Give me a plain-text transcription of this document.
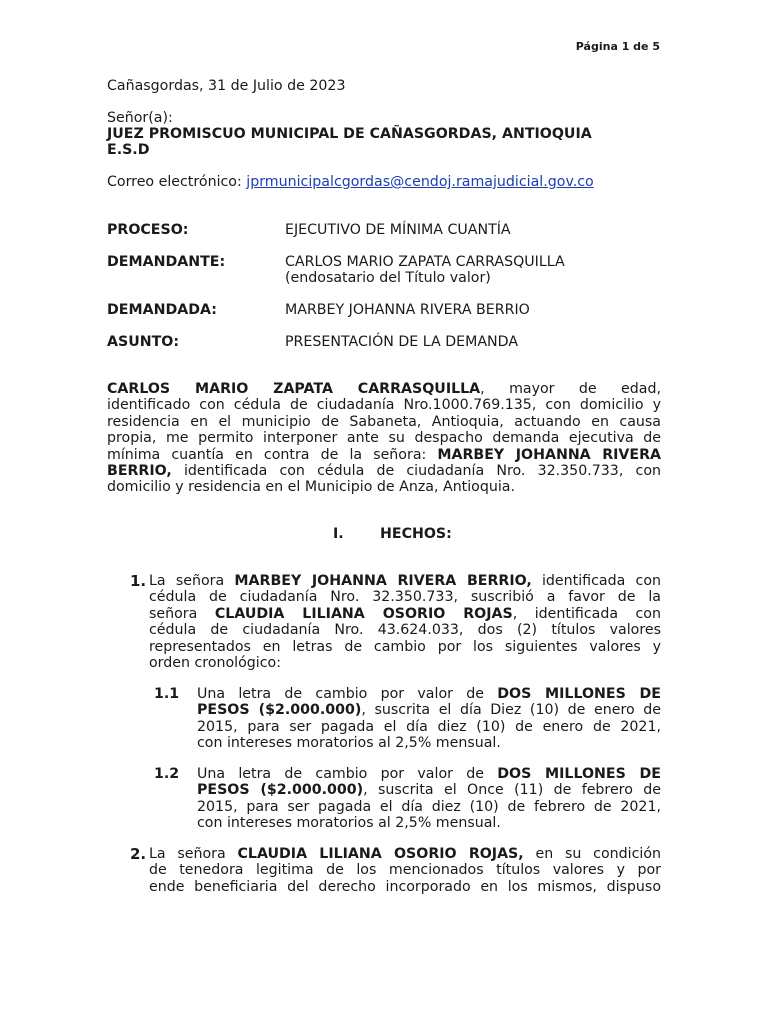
Página 1 de 5
Cañasgordas, 31 de Julio de 2023
Señor(a):
JUEZ PROMISCUO MUNICIPAL DE CAÑASGORDAS, ANTIOQUIA
E.S.D
Correo electrónico: jprmunicipalcgordas@cendoj.ramajudicial.gov.co
PROCESO:	EJECUTIVO DE MÍNIMA CUANTÍA
DEMANDANTE:	CARLOS MARIO ZAPATA CARRASQUILLA
(endosatario del Título valor)
DEMANDADA:	MARBEY JOHANNA RIVERA BERRIO
ASUNTO:	PRESENTACIÓN DE LA DEMANDA
CARLOS MARIO ZAPATA CARRASQUILLA, mayor de edad,
identificado con cédula de ciudadanía Nro.1000.769.135, con domicilio y
residencia en el municipio de Sabaneta, Antioquia, actuando en causa
propia, me permito interponer ante su despacho demanda ejecutiva de
mínima cuantía en contra de la señora: MARBEY JOHANNA RIVERA
BERRIO, identificada con cédula de ciudadanía Nro. 32.350.733, con
domicilio y residencia en el Municipio de Anza, Antioquia.
I.	HECHOS:
1. La señora MARBEY JOHANNA RIVERA BERRIO, identificada con
cédula de ciudadanía Nro. 32.350.733, suscribió a favor de la
señora CLAUDIA LILIANA OSORIO ROJAS, identificada con
cédula de ciudadanía Nro. 43.624.033, dos (2) títulos valores
representados en letras de cambio por los siguientes valores y
orden cronológico:
1.1 Una letra de cambio por valor de DOS MILLONES DE
PESOS ($2.000.000), suscrita el día Diez (10) de enero de
2015, para ser pagada el día diez (10) de enero de 2021,
con intereses moratorios al 2,5% mensual.
1.2 Una letra de cambio por valor de DOS MILLONES DE
PESOS ($2.000.000), suscrita el Once (11) de febrero de
2015, para ser pagada el día diez (10) de febrero de 2021,
con intereses moratorios al 2,5% mensual.
2. La señora CLAUDIA LILIANA OSORIO ROJAS, en su condición
de tenedora legitima de los mencionados títulos valores y por
ende beneficiaria del derecho incorporado en los mismos, dispuso
